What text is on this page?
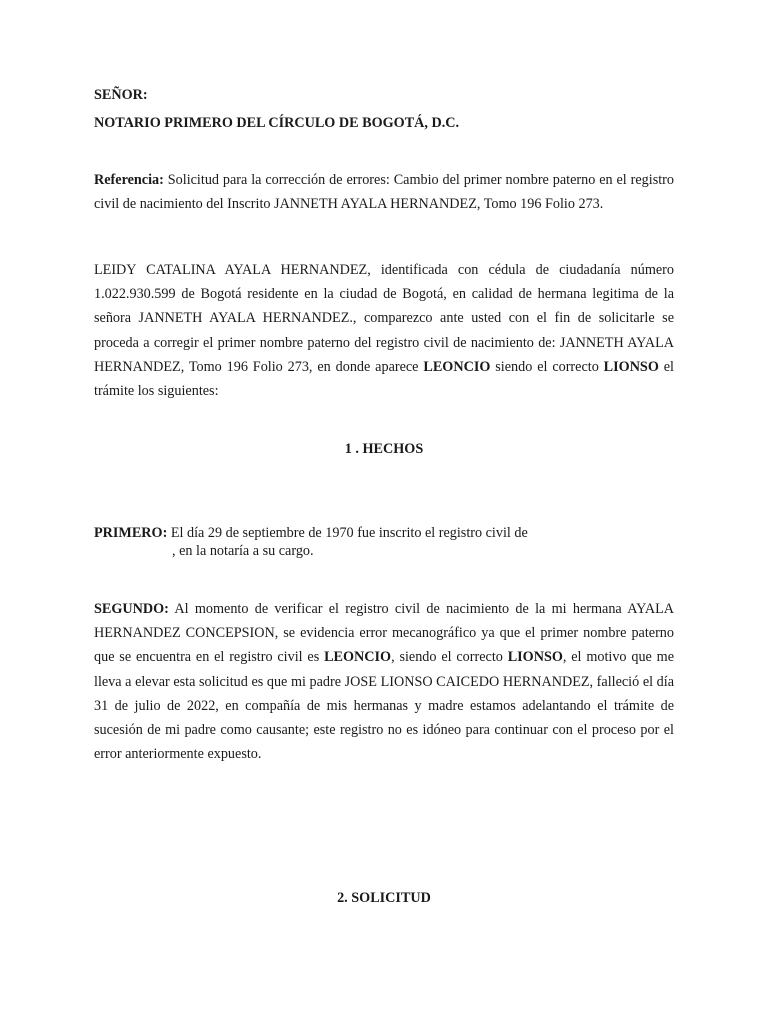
SEÑOR:
NOTARIO PRIMERO DEL CÍRCULO DE BOGOTÁ, D.C.
Referencia: Solicitud para la corrección de errores: Cambio del primer nombre paterno en el registro civil de nacimiento del Inscrito JANNETH AYALA HERNANDEZ, Tomo 196 Folio 273.
LEIDY CATALINA AYALA HERNANDEZ, identificada con cédula de ciudadanía número 1.022.930.599 de Bogotá residente en la ciudad de Bogotá, en calidad de hermana legitima de la señora JANNETH AYALA HERNANDEZ., comparezco ante usted con el fin de solicitarle se proceda a corregir el primer nombre paterno del registro civil de nacimiento de: JANNETH AYALA HERNANDEZ, Tomo 196 Folio 273, en donde aparece LEONCIO siendo el correcto LIONSO el trámite los siguientes:
1 . HECHOS
PRIMERO: El día 29 de septiembre de 1970 fue inscrito el registro civil de
, en la notaría a su cargo.
SEGUNDO: Al momento de verificar el registro civil de nacimiento de la mi hermana AYALA HERNANDEZ CONCEPSION, se evidencia error mecanográfico ya que el primer nombre paterno que se encuentra en el registro civil es LEONCIO, siendo el correcto LIONSO, el motivo que me lleva a elevar esta solicitud es que mi padre JOSE LIONSO CAICEDO HERNANDEZ, falleció el día 31 de julio de 2022, en compañía de mis hermanas y madre estamos adelantando el trámite de sucesión de mi padre como causante; este registro no es idóneo para continuar con el proceso por el error anteriormente expuesto.
2. SOLICITUD
